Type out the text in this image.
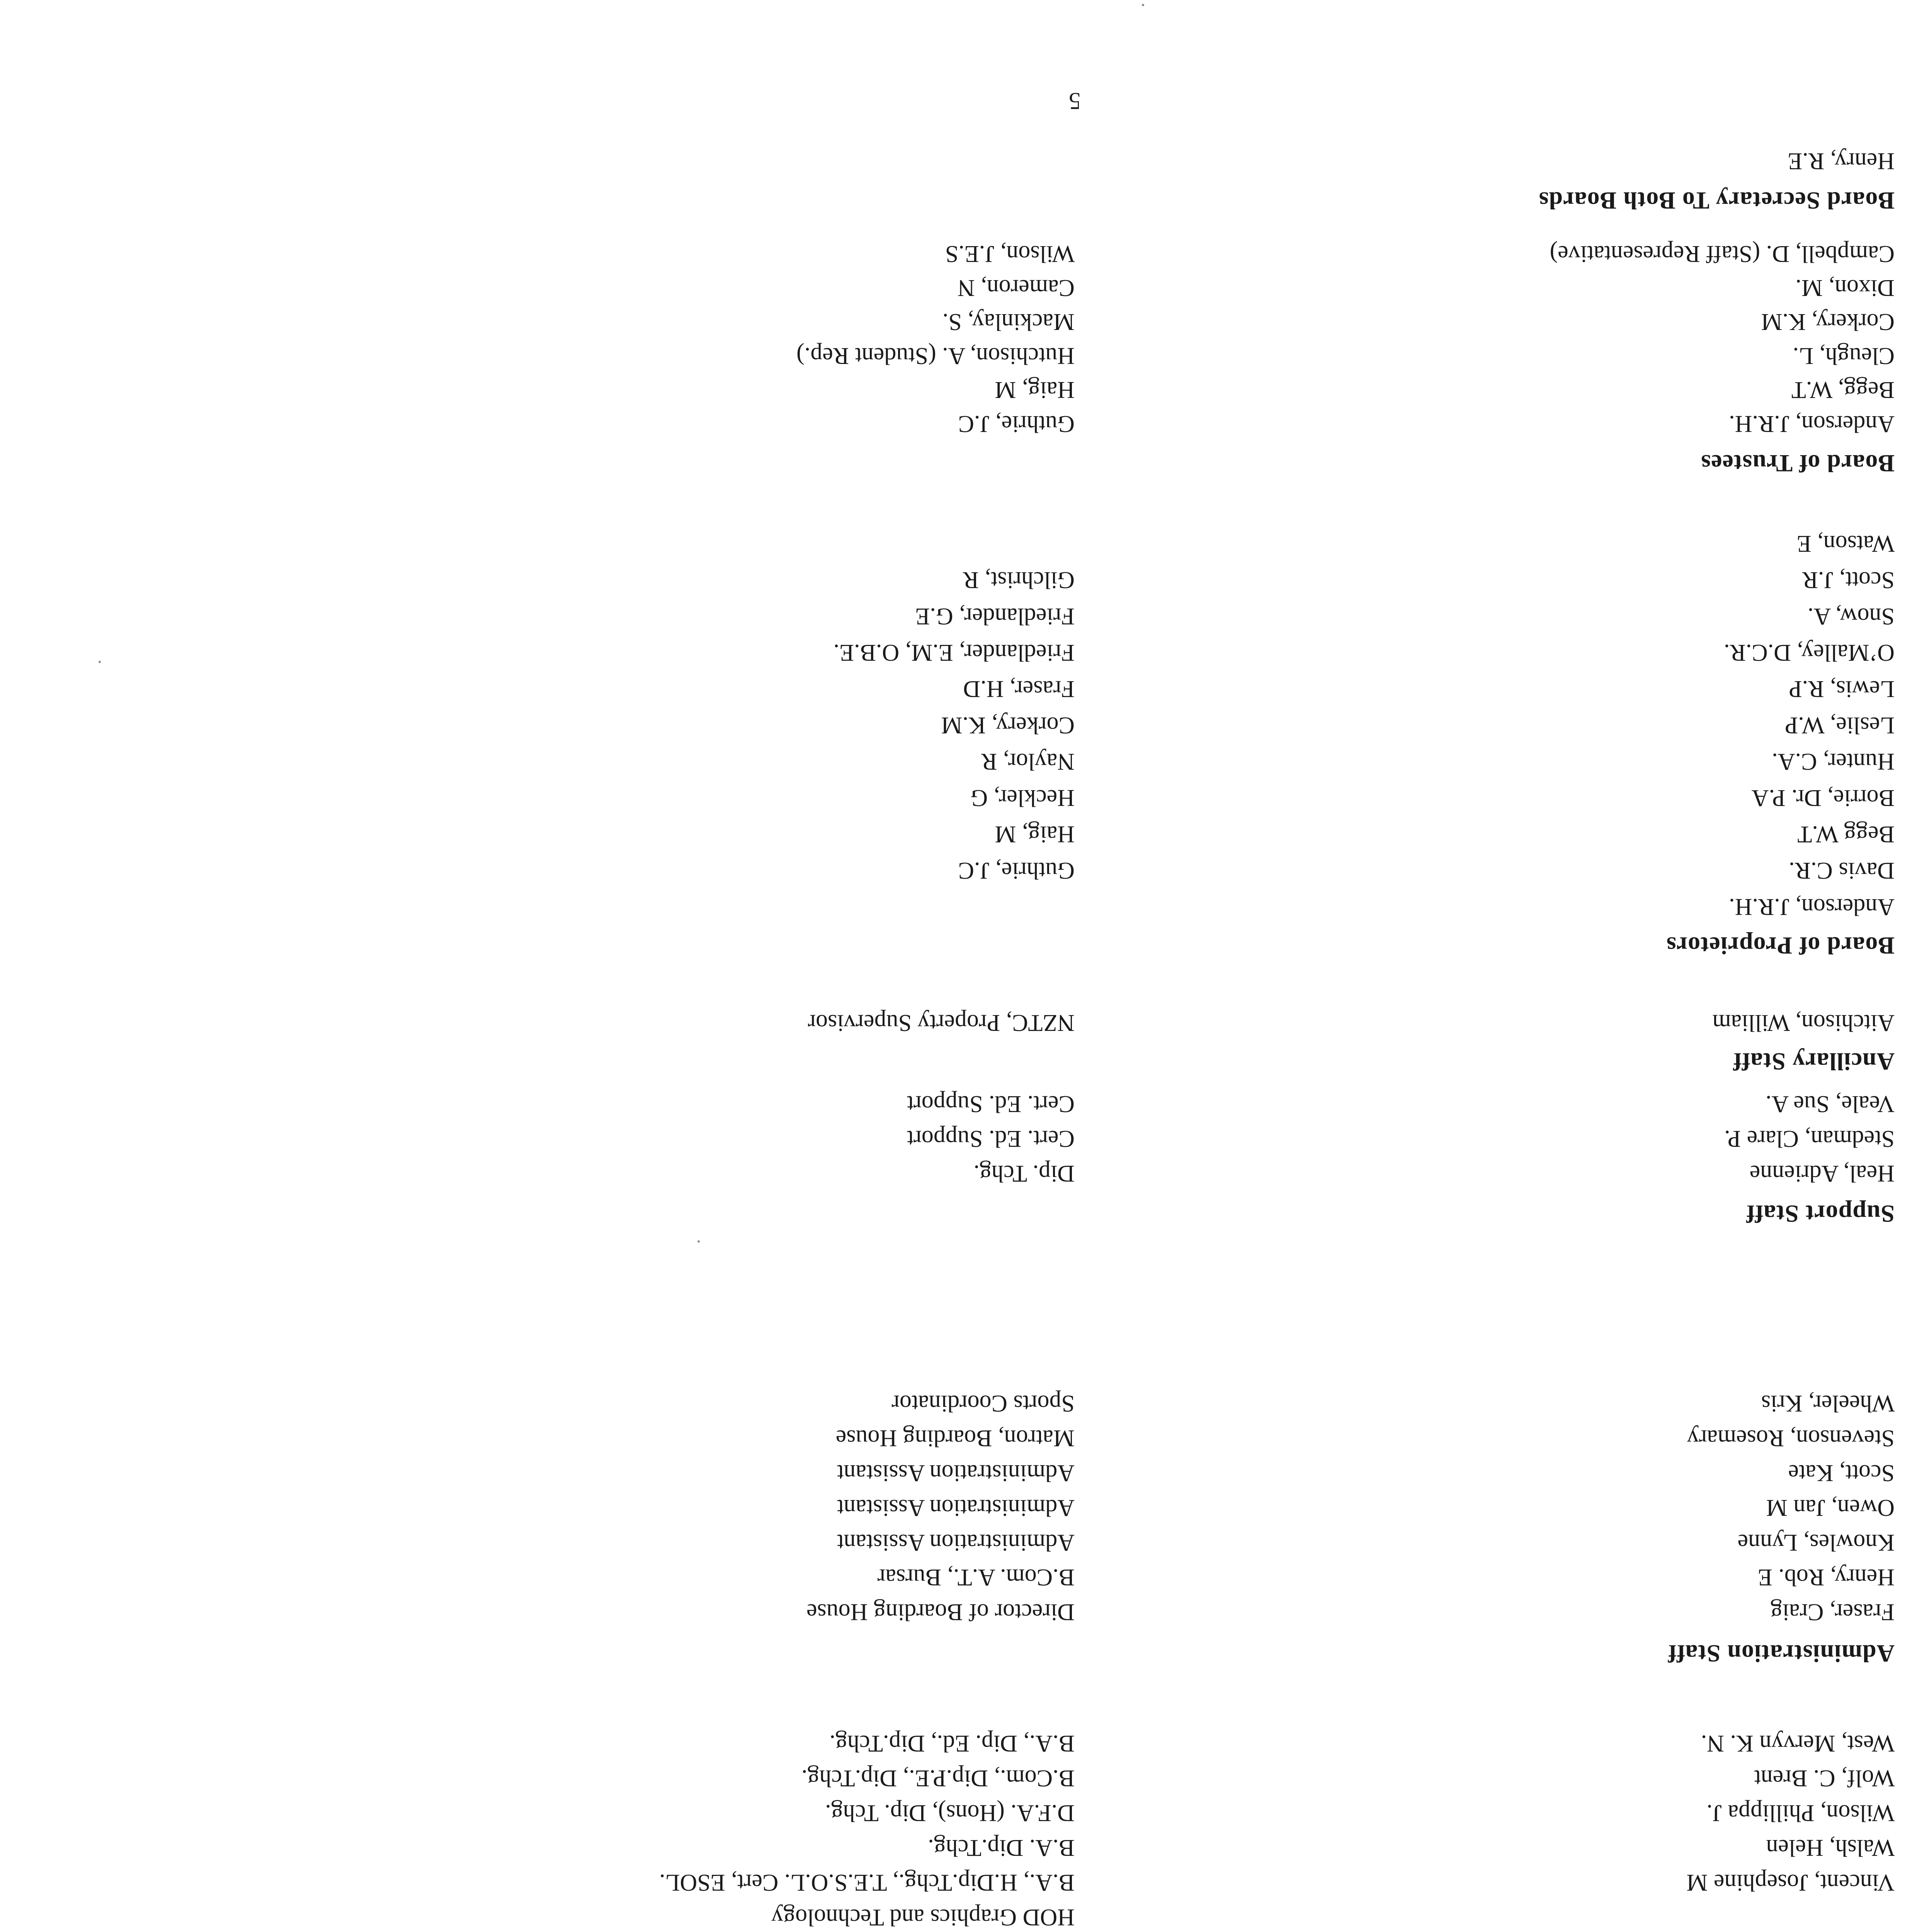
HOD Graphics and Technology
Vincent, Josephine M
B.A., H.Dip.Tchg., T.E.S.O.L. Cert, ESOL.
Walsh, Helen
B.A. Dip.Tchg.
Wilson, Phillippa J.
D.F.A. (Hons), Dip. Tchg.
Wolf, C. Brent
B.Com., Dip.P.E., Dip.Tchg.
West, Mervyn K. N.
B.A., Dip. Ed., Dip.Tchg.
Administration Staff
Fraser, Craig
Director of Boarding House
Henry, Rob. E
B.Com. A.T., Bursar
Knowles, Lynne
Administration Assistant
Owen, Jan M
Administration Assistant
Scott, Kate
Administration Assistant
Stevenson, Rosemary
Matron, Boarding House
Wheeler, Kris
Sports Coordinator
Support Staff
Heal, Adrienne
Dip. Tchg.
Stedman, Clare P.
Cert. Ed. Support
Veale, Sue A.
Cert. Ed. Support
Ancillary Staff
Aitchison, William
NZTC, Property Supervisor
Board of Proprietors
Anderson, J.R.H.
Davis C.R.
Guthrie, J.C
Begg W.T
Haig, M
Borrie, Dr. P.A
Heckler, G
Hunter, C.A.
Naylor, R
Leslie, W.P
Corkery, K.M
Lewis, R.P
Fraser, H.D
O’Malley, D.C.R.
Friedlander, E.M, O.B.E.
Snow, A.
Friedlander, G.E
Scott, J.R
Gilchrist, R
Watson, E
Board of Trustees
Anderson, J.R.H.
Guthrie, J.C
Begg, W.T
Haig, M
Cleugh, L.
Hutchison, A. (Student Rep.)
Corkery, K.M
Mackinlay, S.
Dixon, M.
Cameron, N
Campbell, D. (Staff Representative)
Wilson, J.E.S
Board Secretary To Both Boards
Henry, R.E
5
